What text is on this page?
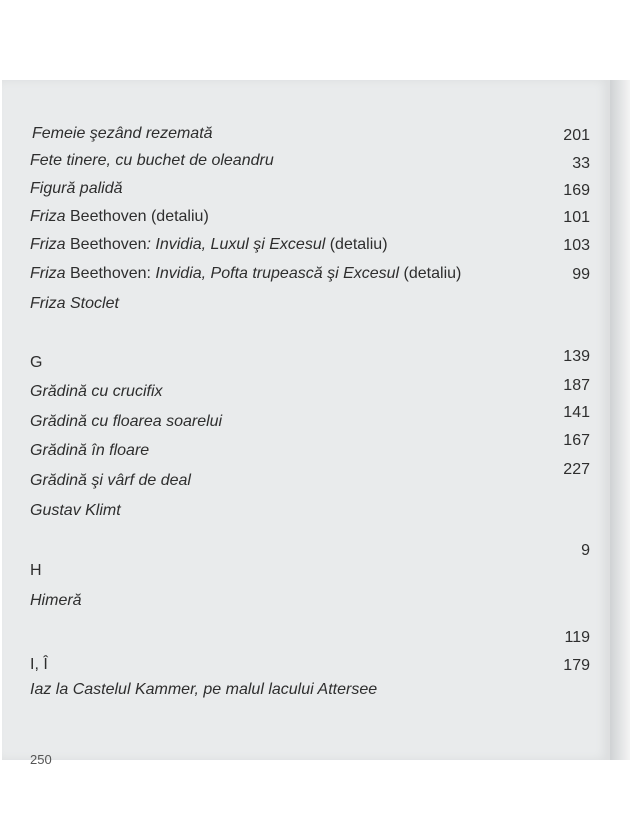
Femeie şezând rezemată
Fete tinere, cu buchet de oleandru
Figură palidă
Friza Beethoven (detaliu)
Friza Beethoven: Invidia, Luxul şi Excesul (detaliu)
Friza Beethoven: Invidia, Pofta trupească şi Excesul (detaliu)
Friza Stoclet
G
Grădină cu crucifix
Grădină cu floarea soarelui
Grădină în floare
Grădină şi vârf de deal
Gustav Klimt
H
Himeră
I, Î
Iaz la Castelul Kammer, pe malul lacului Attersee
201
33
169
101
103
99
139
187
141
167
227
9
119
179
250
